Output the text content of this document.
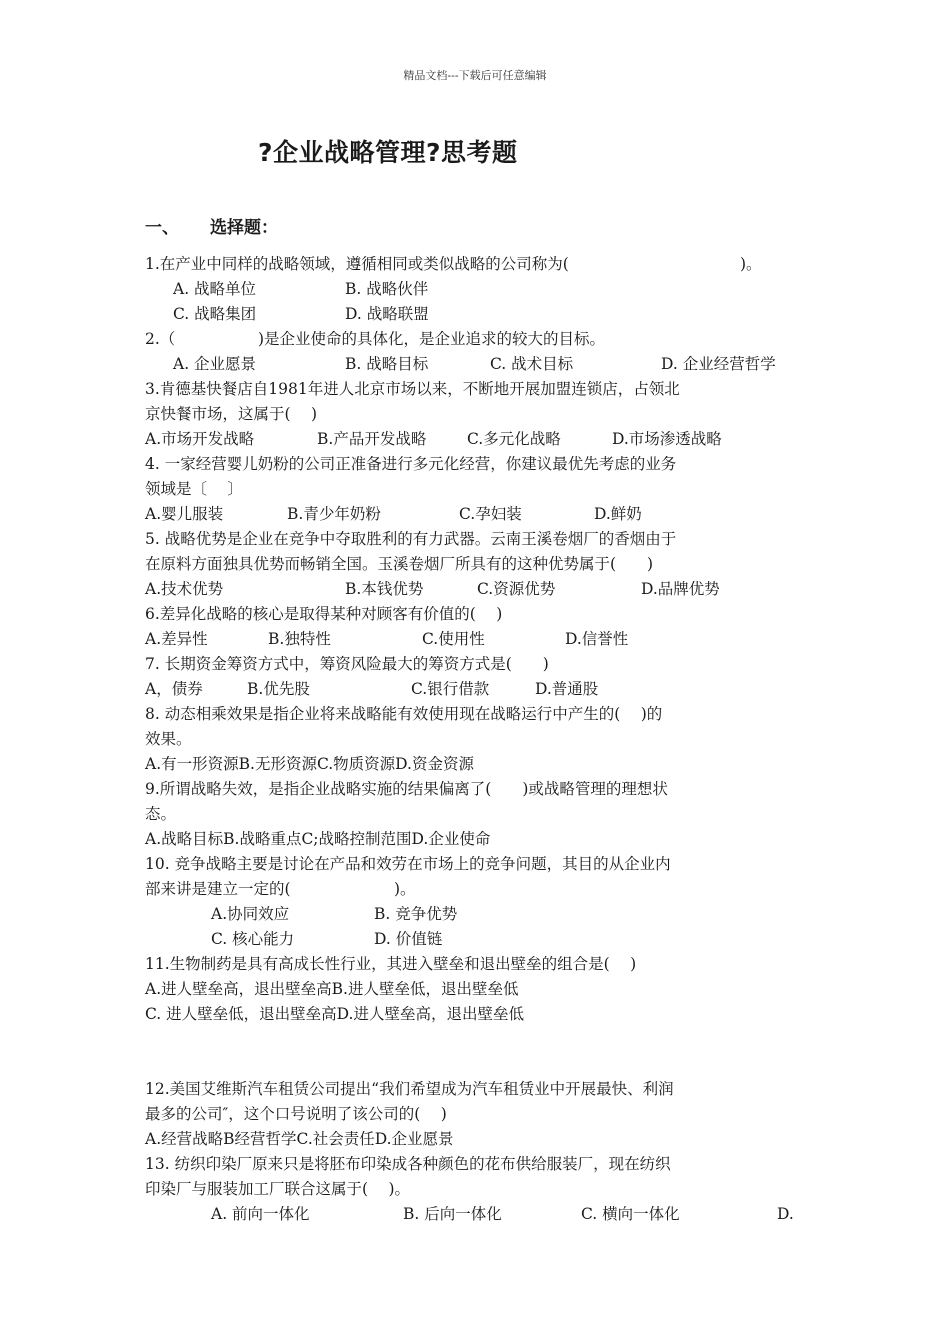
精品文档---下载后可任意编辑
?企业战略管理?思考题
一、 选择题：
1.在产业中同样的战略领域，遵循相同或类似战略的公司称为(	)。
A. 战略单位	B. 战略伙伴
C. 战略集团	D. 战略联盟
2.（	)是企业使命的具体化，是企业追求的较大的目标。
A. 企业愿景	B. 战略目标	C. 战术目标	D. 企业经营哲学
3.肯德基快餐店自1981年进人北京市场以来，不断地开展加盟连锁店，占领北
京快餐市场，这属于(　 )
A.市场开发战略	B.产品开发战略	C.多元化战略	D.市场渗透战略
4. 一家经营婴儿奶粉的公司正准备进行多元化经营，你建议最优先考虑的业务
领域是〔　 〕
A.婴儿服装	B.青少年奶粉	C.孕妇装	D.鲜奶
5. 战略优势是企业在竞争中夺取胜利的有力武器。云南王溪卷烟厂的香烟由于
在原料方面独具优势而畅销全国。玉溪卷烟厂所具有的这种优势属于(　　)
A.技术优势	B.本钱优势	C.资源优势	D.品牌优势
6.差异化战略的核心是取得某种对顾客有价值的(　 )
A.差异性	B.独特性	C.使用性	D.信誉性
7. 长期资金筹资方式中，筹资风险最大的筹资方式是(　　)
A，债券	B.优先股	C.银行借款	D.普通股
8. 动态相乘效果是指企业将来战略能有效使用现在战略运行中产生的(　 )的
效果。
A.有一形资源B.无形资源C.物质资源D.资金资源
9.所谓战略失效，是指企业战略实施的结果偏离了(　　)或战略管理的理想状
态。
A.战略目标B.战略重点C;战略控制范围D.企业使命
10. 竞争战略主要是讨论在产品和效劳在市场上的竞争问题，其目的从企业内
部来讲是建立一定的(	)。
A.协同效应	B. 竞争优势
C. 核心能力	D. 价值链
11.生物制药是具有高成长性行业，其进入壁垒和退出壁垒的组合是(　 )
A.进人壁垒高，退出壁垒高B.进人壁垒低，退出壁垒低
C. 进人壁垒低，退出壁垒高D.进人壁垒高，退出壁垒低
12.美国艾维斯汽车租赁公司提出“我们希望成为汽车租赁业中开展最快、利润
最多的公司″，这个口号说明了该公司的(　 )
A.经营战略B经营哲学C.社会责任D.企业愿景
13. 纺织印染厂原来只是将胚布印染成各种颜色的花布供给服装厂，现在纺织
印染厂与服装加工厂联合这属于(　 )。
A. 前向一体化	B. 后向一体化	C. 横向一体化	D.
